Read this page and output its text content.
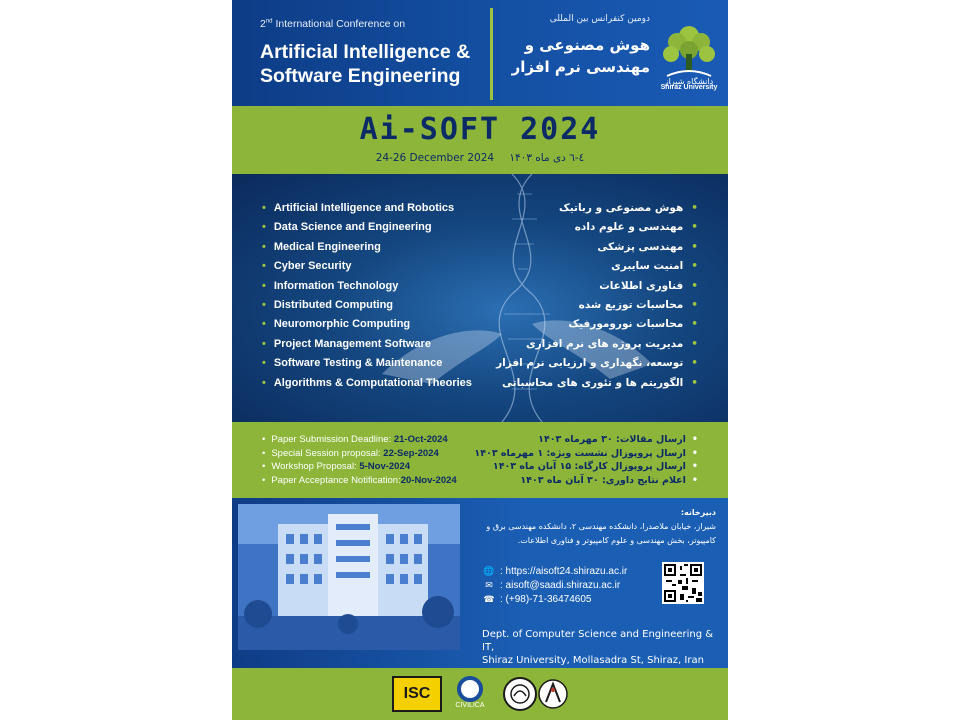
2nd International Conference on
Artificial Intelligence &
Software Engineering
دومین کنفرانس بین المللی
هوش مصنوعی و
مهندسی نرم افزار
دانشگاه شیراز
Shiraz University
Ai-SOFT 2024
24-26 December 2024 ٤-٦ دی ماه ۱۴۰۳
• Artificial Intelligence and Robotics
• Data Science and Engineering
• Medical Engineering
• Cyber Security
• Information Technology
• Distributed Computing
• Neuromorphic Computing
• Project Management Software
• Software Testing & Maintenance
• Algorithms & Computational Theories
• هوش مصنوعی و رباتیک
• مهندسی و علوم داده
• مهندسی پزشکی
• امنیت سایبری
• فناوری اطلاعات
• محاسبات توزیع شده
• محاسبات نورومورفیک
• مدیریت پروژه های نرم افزاری
• توسعه، نگهداری و ارزیابی نرم افزار
• الگوریتم ها و تئوری های محاسباتی
• Paper Submission Deadline: 21-Oct-2024
• Special Session proposal: 22-Sep-2024
• Workshop Proposal: 5-Nov-2024
• Paper Acceptance Notification:20-Nov-2024
• ارسال مقالات: ۳۰ مهرماه ۱۴۰۳
• ارسال پروپوزال نشست ویژه: ۱ مهرماه ۱۴۰۳
• ارسال پروپوزال کارگاه: ۱۵ آبان ماه ۱۴۰۳
• اعلام نتایج داوری: ۳۰ آبان ماه ۱۴۰۳
دبیرخانه:
شیراز، خیابان ملاصدرا، دانشکده مهندسی ۲، دانشکده مهندسی برق و کامپیوتر، بخش مهندسی و علوم کامپیوتر و فناوری اطلاعات.
🌐 : https://aisoft24.shirazu.ac.ir
✉ : aisoft@saadi.shirazu.ac.ir
☎ : (+98)-71-36474605
Dept. of Computer Science and Engineering & IT,
Shiraz University, Mollasadra St, Shiraz, Iran
ISC
CIVILICA
